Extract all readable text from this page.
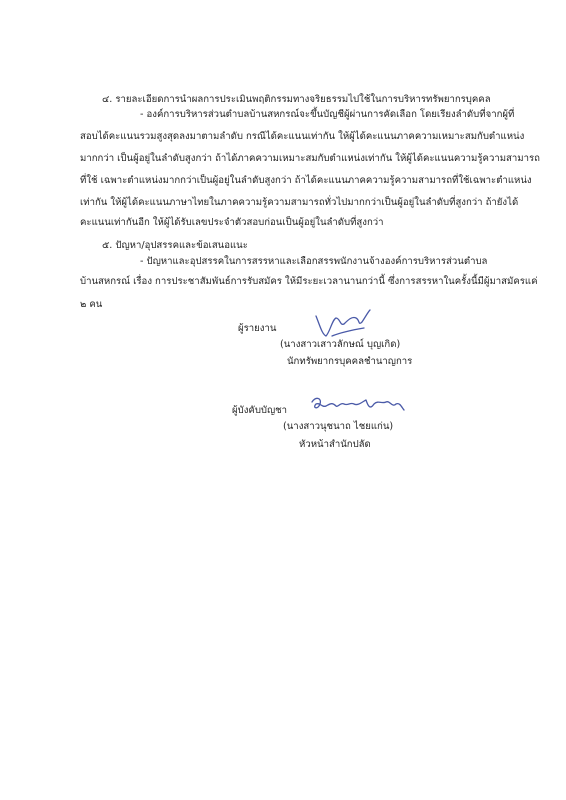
๔. รายละเอียดการนำผลการประเมินพฤติกรรมทางจริยธรรมไปใช้ในการบริหารทรัพยากรบุคคล
- องค์การบริหารส่วนตำบลบ้านสหกรณ์จะขึ้นบัญชีผู้ผ่านการคัดเลือก โดยเรียงลำดับที่จากผู้ที่
สอบได้คะแนนรวมสูงสุดลงมาตามลำดับ กรณีได้คะแนนเท่ากัน ให้ผู้ได้คะแนนภาคความเหมาะสมกับตำแหน่ง
มากกว่า เป็นผู้อยู่ในลำดับสูงกว่า ถ้าได้ภาคความเหมาะสมกับตำแหน่งเท่ากัน ให้ผู้ได้คะแนนความรู้ความสามารถ
ที่ใช้ เฉพาะตำแหน่งมากกว่าเป็นผู้อยู่ในลำดับสูงกว่า ถ้าได้คะแนนภาคความรู้ความสามารถที่ใช้เฉพาะตำแหน่ง
เท่ากัน ให้ผู้ได้คะแนนภาษาไทยในภาคความรู้ความสามารถทั่วไปมากกว่าเป็นผู้อยู่ในลำดับที่สูงกว่า ถ้ายังได้
คะแนนเท่ากันอีก ให้ผู้ได้รับเลขประจำตัวสอบก่อนเป็นผู้อยู่ในลำดับที่สูงกว่า
๕. ปัญหา/อุปสรรคและข้อเสนอแนะ
- ปัญหาและอุปสรรคในการสรรหาและเลือกสรรพนักงานจ้างองค์การบริหารส่วนตำบล
บ้านสหกรณ์ เรื่อง การประชาสัมพันธ์การรับสมัคร ให้มีระยะเวลานานกว่านี้ ซึ่งการสรรหาในครั้งนี้มีผู้มาสมัครแค่
๒ คน
ผู้รายงาน
(นางสาวเสาวลักษณ์ บุญเกิด)
นักทรัพยากรบุคคลชำนาญการ
ผู้บังคับบัญชา
(นางสาวนุชนาถ ไชยแก่น)
หัวหน้าสำนักปลัด
